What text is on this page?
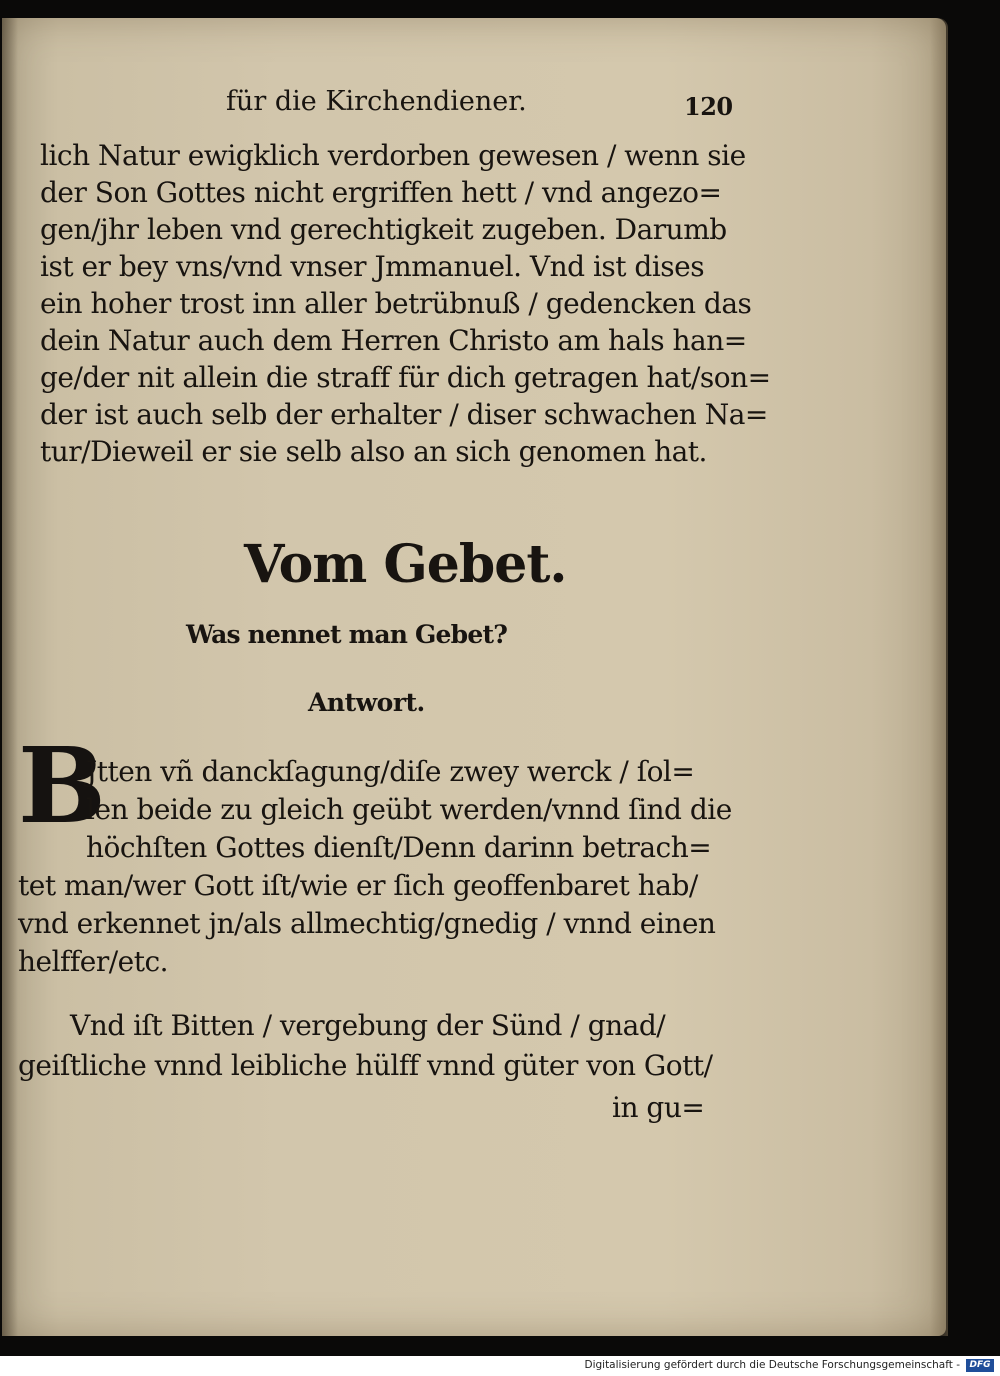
für die Kirchendiener.	120

lich Natur ewigklich verdorben gewesen / wenn sie

der Son Gottes nicht ergriffen hett / vnd angezo=

gen/jhr leben vnd gerechtigkeit zugeben. Darumb

ist er bey vns/vnd vnser Jmmanuel. Vnd ist dises

ein hoher trost inn aller betrübnuß / gedencken das

dein Natur auch dem Herren Christo am hals han=

ge/der nit allein die straff für dich getragen hat/son=

der ist auch selb der erhalter / diser schwachen Na=

tur/Dieweil er sie selb also an sich genomen hat.

Vom Gebet.

Was nennet man Gebet?

Antwort.

B

Jtten vñ danckſagung/diſe zwey werck / ſol=

len beide zu gleich geübt werden/vnnd ſind die

höchſten Gottes dienſt/Denn darinn betrach=

tet man/wer Gott iſt/wie er ſich geoffenbaret hab/

vnd erkennet jn/als allmechtig/gnedig / vnnd einen

helffer/etc.

Vnd iſt Bitten / vergebung der Sünd / gnad/

geiſtliche vnnd leibliche hülff vnnd güter von Gott/

in gu=

Digitalisierung gefördert durch die Deutsche Forschungsgemeinschaft -	DFG
